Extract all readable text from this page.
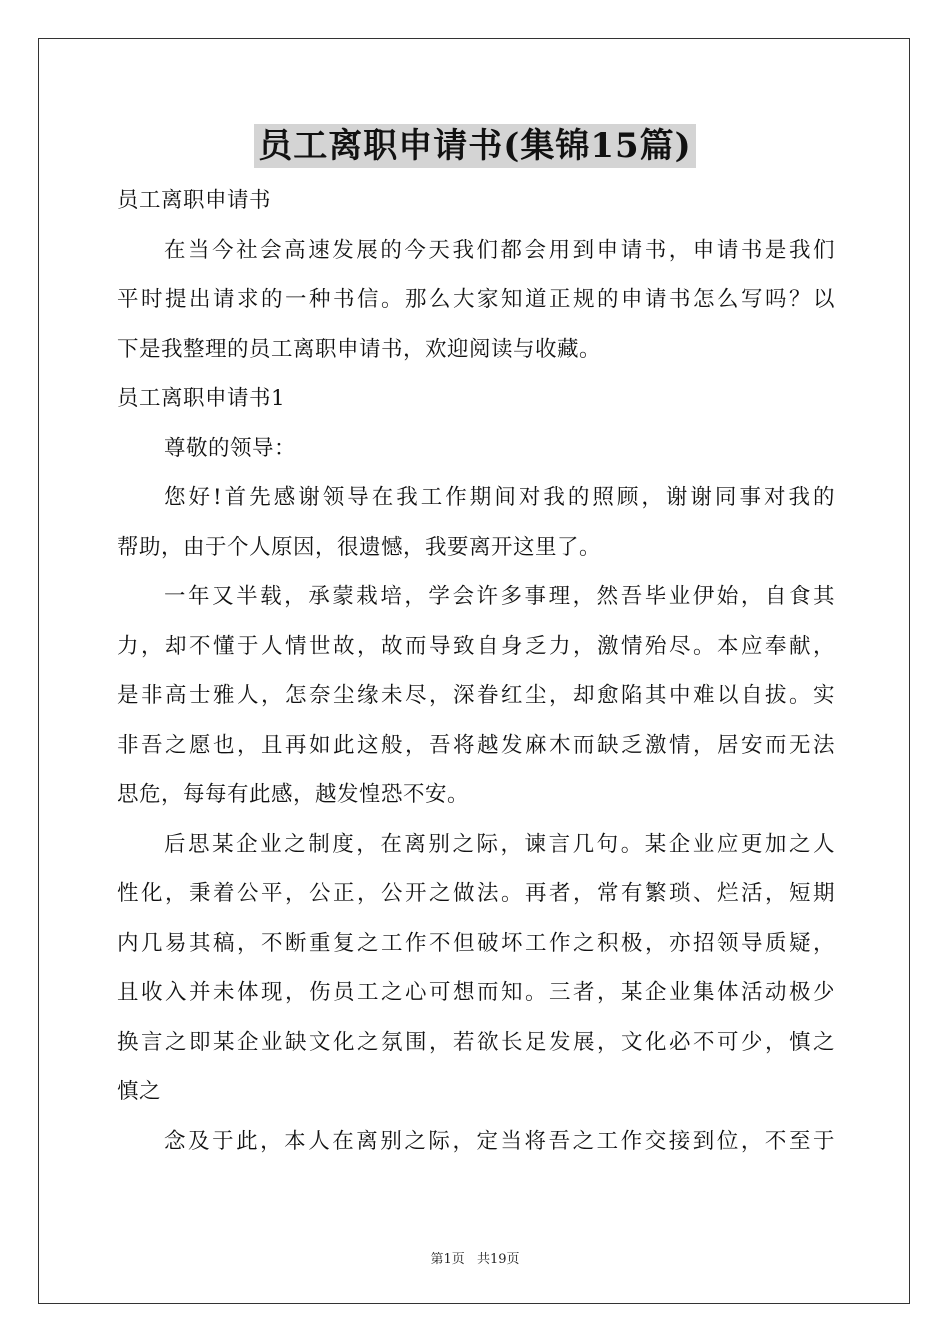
员工离职申请书(集锦15篇)

员工离职申请书

在当今社会高速发展的今天我们都会用到申请书，申请书是我们

平时提出请求的一种书信。那么大家知道正规的申请书怎么写吗？以

下是我整理的员工离职申请书，欢迎阅读与收藏。

员工离职申请书1

尊敬的领导：

您好!首先感谢领导在我工作期间对我的照顾，谢谢同事对我的

帮助，由于个人原因，很遗憾，我要离开这里了。

一年又半载，承蒙栽培，学会许多事理，然吾毕业伊始，自食其

力，却不懂于人情世故，故而导致自身乏力，激情殆尽。本应奉献，

是非高士雅人，怎奈尘缘未尽，深眷红尘，却愈陷其中难以自拔。实

非吾之愿也，且再如此这般，吾将越发麻木而缺乏激情，居安而无法

思危，每每有此感，越发惶恐不安。

后思某企业之制度，在离别之际，谏言几句。某企业应更加之人

性化，秉着公平，公正，公开之做法。再者，常有繁琐、烂活，短期

内几易其稿，不断重复之工作不但破坏工作之积极，亦招领导质疑，

且收入并未体现，伤员工之心可想而知。三者，某企业集体活动极少

换言之即某企业缺文化之氛围，若欲长足发展，文化必不可少，慎之

慎之

念及于此，本人在离别之际，定当将吾之工作交接到位，不至于

第1页 共19页
